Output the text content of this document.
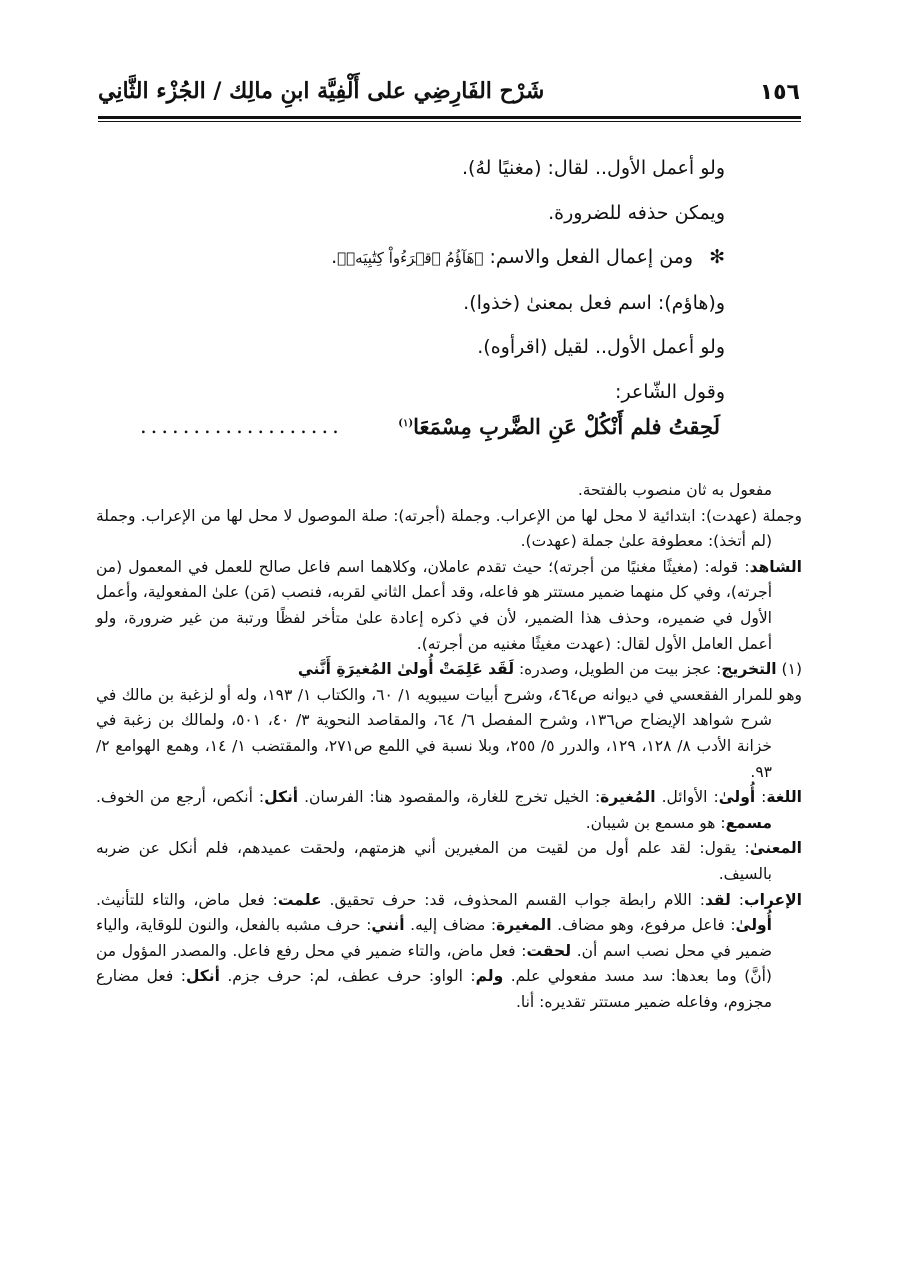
١٥٦
شَرْح الفَارِضِي على أَلْفِيَّة ابنِ مالِك / الجُزْء الثَّانِي

ولو أعمل الأول.. لقال: (مغنيًا لهُ).

ويمكن حذفه للضرورة.

✻ومن إعمال الفعل والاسم: ﴿هَآؤُمُ ٱقۡرَءُواْ كِتَٰبِيَهۡ﴾.

و(هاؤم): اسم فعل بمعنىٰ (خذوا).

ولو أعمل الأول.. لقيل (اقرأوه).

وقول الشّاعر:

لَحِقتُ فلم أَنْكُلْ عَنِ الضَّربِ مِسْمَعَا$^{(١)}$
...................

مفعول به ثان منصوب بالفتحة.

وجملة (عهدت): ابتدائية لا محل لها من الإعراب. وجملة (أجرته): صلة الموصول لا محل لها من الإعراب. وجملة (لم أتخذ): معطوفة علىٰ جملة (عهدت).

الشاهد: قوله: (مغيثًا مغنيًا من أجرته)؛ حيث تقدم عاملان، وكلاهما اسم فاعل صالح للعمل في المعمول (من أجرته)، وفي كل منهما ضمير مستتر هو فاعله، وقد أعمل الثاني لقربه، فنصب (مَن) علىٰ المفعولية، وأعمل الأول في ضميره، وحذف هذا الضمير، لأن في ذكره إعادة علىٰ متأخر لفظًا ورتبة من غير ضرورة، ولو أعمل العامل الأول لقال: (عهدت مغيثًا مغنيه من أجرته).

(١) التخريج: عجز بيت من الطويل، وصدره: لَقَد عَلِمَتْ أُولىٰ المُغيرَةِ أَنَّني

وهو للمرار الفقعسي في ديوانه ص٤٦٤، وشرح أبيات سيبويه ١/ ٦٠، والكتاب ١/ ١٩٣، وله أو لزغبة بن مالك في شرح شواهد الإيضاح ص١٣٦، وشرح المفصل ٦/ ٦٤، والمقاصد النحوية ٣/ ٤٠، ٥٠١، ولمالك بن زغبة في خزانة الأدب ٨/ ١٢٨، ١٢٩، والدرر ٥/ ٢٥٥، وبلا نسبة في اللمع ص٢٧١، والمقتضب ١/ ١٤، وهمع الهوامع ٢/ ٩٣.

اللغة: أُولىٰ: الأوائل. المُغيرة: الخيل تخرج للغارة، والمقصود هنا: الفرسان. أنكل: أنكص، أرجع من الخوف. مسمع: هو مسمع بن شيبان.

المعنىٰ: يقول: لقد علم أول من لقيت من المغيرين أني هزمتهم، ولحقت عميدهم، فلم أنكل عن ضربه بالسيف.

الإعراب: لقد: اللام رابطة جواب القسم المحذوف، قد: حرف تحقيق. علمت: فعل ماض، والتاء للتأنيث. أُولىٰ: فاعل مرفوع، وهو مضاف. المغيرة: مضاف إليه. أنني: حرف مشبه بالفعل، والنون للوقاية، والياء ضمير في محل نصب اسم أن. لحقت: فعل ماض، والتاء ضمير في محل رفع فاعل. والمصدر المؤول من (أنَّ) وما بعدها: سد مسد مفعولي علم. ولم: الواو: حرف عطف، لم: حرف جزم. أنكل: فعل مضارع مجزوم، وفاعله ضمير مستتر تقديره: أنا.
